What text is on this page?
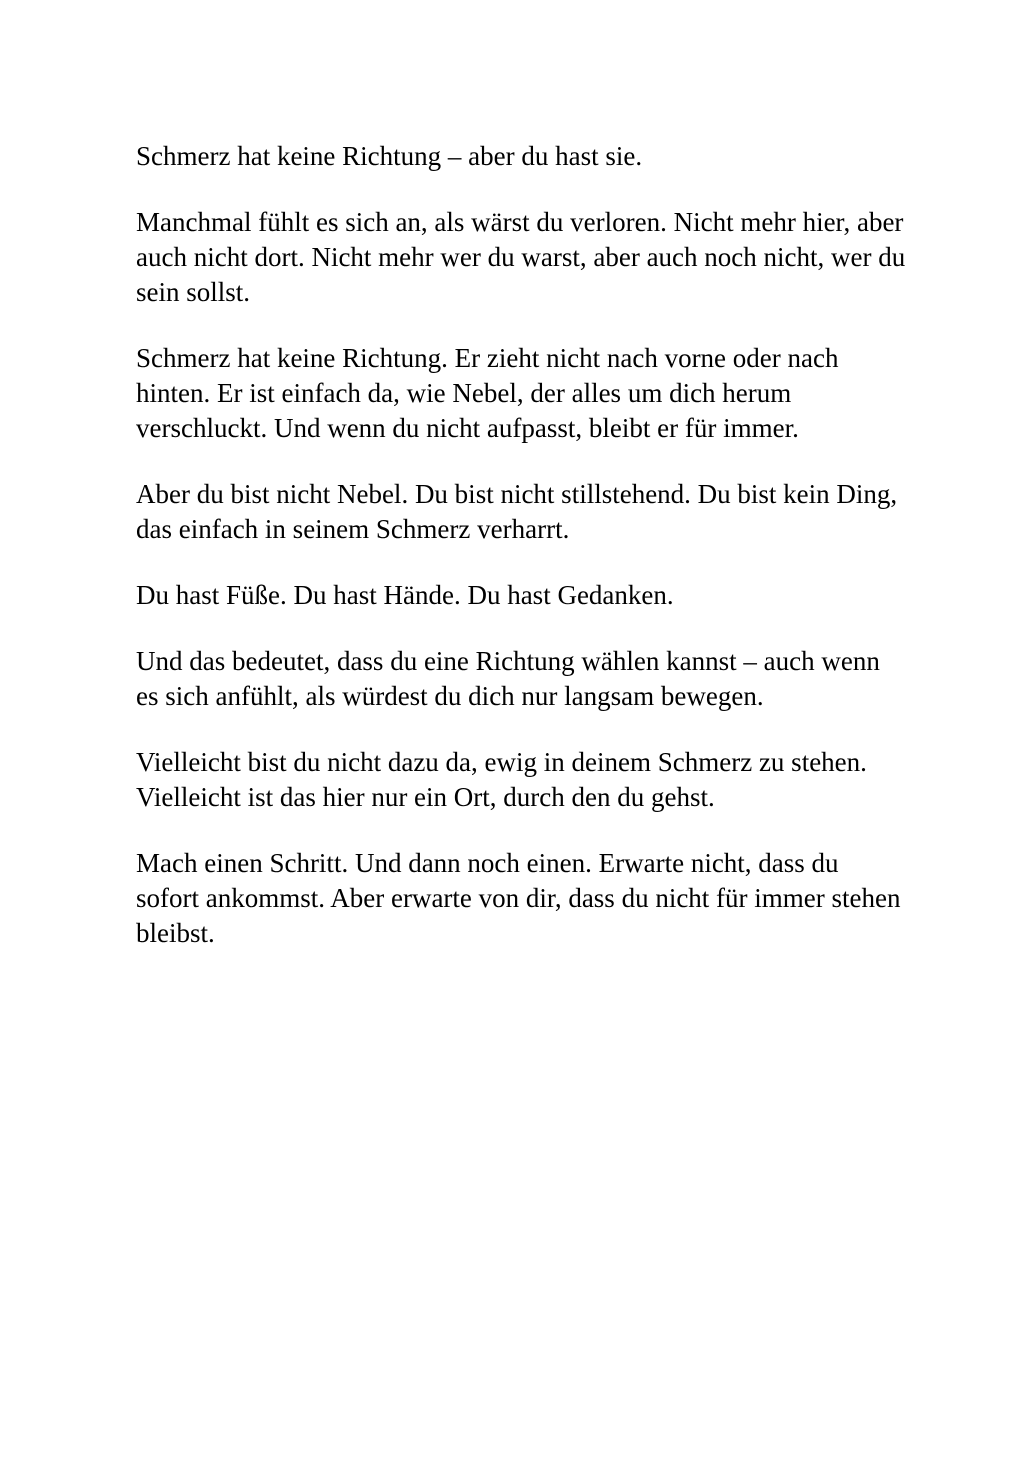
Schmerz hat keine Richtung – aber du hast sie.

Manchmal fühlt es sich an, als wärst du verloren. Nicht mehr hier, aber auch nicht dort. Nicht mehr wer du warst, aber auch noch nicht, wer du sein sollst.

Schmerz hat keine Richtung. Er zieht nicht nach vorne oder nach hinten. Er ist einfach da, wie Nebel, der alles um dich herum verschluckt. Und wenn du nicht aufpasst, bleibt er für immer.

Aber du bist nicht Nebel. Du bist nicht stillstehend. Du bist kein Ding, das einfach in seinem Schmerz verharrt.

Du hast Füße. Du hast Hände. Du hast Gedanken.

Und das bedeutet, dass du eine Richtung wählen kannst – auch wenn es sich anfühlt, als würdest du dich nur langsam bewegen.

Vielleicht bist du nicht dazu da, ewig in deinem Schmerz zu stehen. Vielleicht ist das hier nur ein Ort, durch den du gehst.

Mach einen Schritt. Und dann noch einen. Erwarte nicht, dass du sofort ankommst. Aber erwarte von dir, dass du nicht für immer stehen bleibst.
